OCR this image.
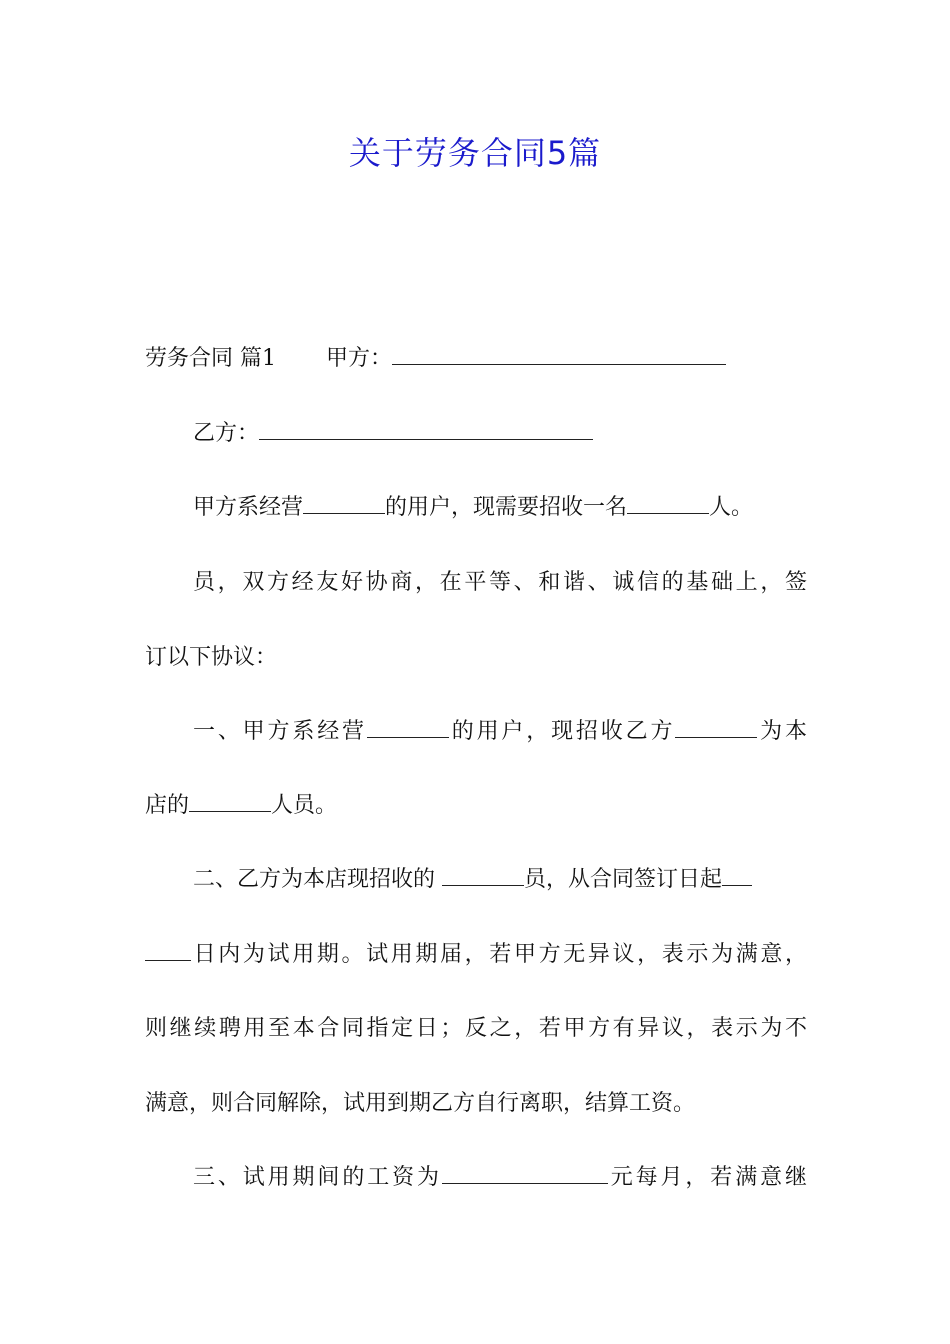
关于劳务合同5篇
劳务合同 篇1 甲方：
乙方：
甲方系经营	的用户，现需要招收一名	人。
员，双方经友好协商，在平等、和谐、诚信的基础上，签
订以下协议：
一、甲方系经营	的用户，现招收乙方	为本
店的	人员。
二、乙方为本店现招收的	员，从合同签订日起
日内为试用期。试用期届，若甲方无异议，表示为满意，
则继续聘用至本合同指定日；反之，若甲方有异议，表示为不
满意，则合同解除，试用到期乙方自行离职，结算工资。
三、试用期间的工资为	元每月，若满意继
